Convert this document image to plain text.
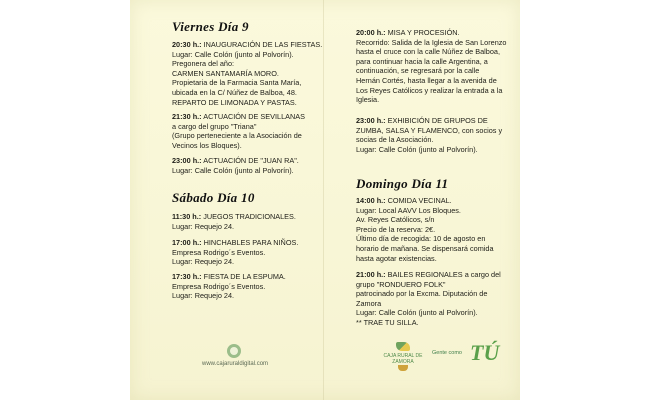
Viernes Día 9
20:30 h.: INAUGURACIÓN DE LAS FIESTAS.
Lugar: Calle Colón (junto al Polvorín).
Pregonera del año:
CARMEN SANTAMARÍA MORO.
Propietaria de la Farmacia Santa María,
ubicada en la C/ Núñez de Balboa, 48.
REPARTO DE LIMONADA Y PASTAS.
21:30 h.: ACTUACIÓN DE SEVILLANAS
a cargo del grupo "Triana"
(Grupo perteneciente a la Asociación de
Vecinos los Bloques).
23:00 h.: ACTUACIÓN DE "JUAN RA".
Lugar: Calle Colón (junto al Polvorín).
Sábado Día 10
11:30 h.: JUEGOS TRADICIONALES.
Lugar: Requejo 24.
17:00 h.: HINCHABLES PARA NIÑOS.
Empresa Rodrigo´s Eventos.
Lugar: Requejo 24.
17:30 h.: FIESTA DE LA ESPUMA.
Empresa Rodrigo´s Eventos.
Lugar: Requejo 24.
20:00 h.: MISA Y PROCESIÓN.
Recorrido: Salida de la Iglesia de San Lorenzo
hasta el cruce con la calle Núñez de Balboa,
para continuar hacia la calle Argentina, a
continuación, se regresará por la calle
Hernán Cortés, hasta llegar a la avenida de
Los Reyes Católicos y realizar la entrada a la
Iglesia.
23:00 h.: EXHIBICIÓN DE GRUPOS DE
ZUMBA, SALSA Y FLAMENCO, con socios y
socias de la Asociación.
Lugar: Calle Colón (junto al Polvorín).
Domingo Día 11
14:00 h.: COMIDA VECINAL.
Lugar: Local AAVV Los Bloques.
Av. Reyes Católicos, s/n
Precio de la reserva: 2€.
Último día de recogida: 10 de agosto en
horario de mañana. Se dispensará comida
hasta agotar existencias.
21:00 h.: BAILES REGIONALES a cargo del
grupo "RONDUERO FOLK"
patrocinado por la Excma. Diputación de
Zamora
Lugar: Calle Colón (junto al Polvorín).
** TRAE TU SILLA.
www.cajaruraldigital.com
CAJA RURAL DE ZAMORA
Gente como TÚ
